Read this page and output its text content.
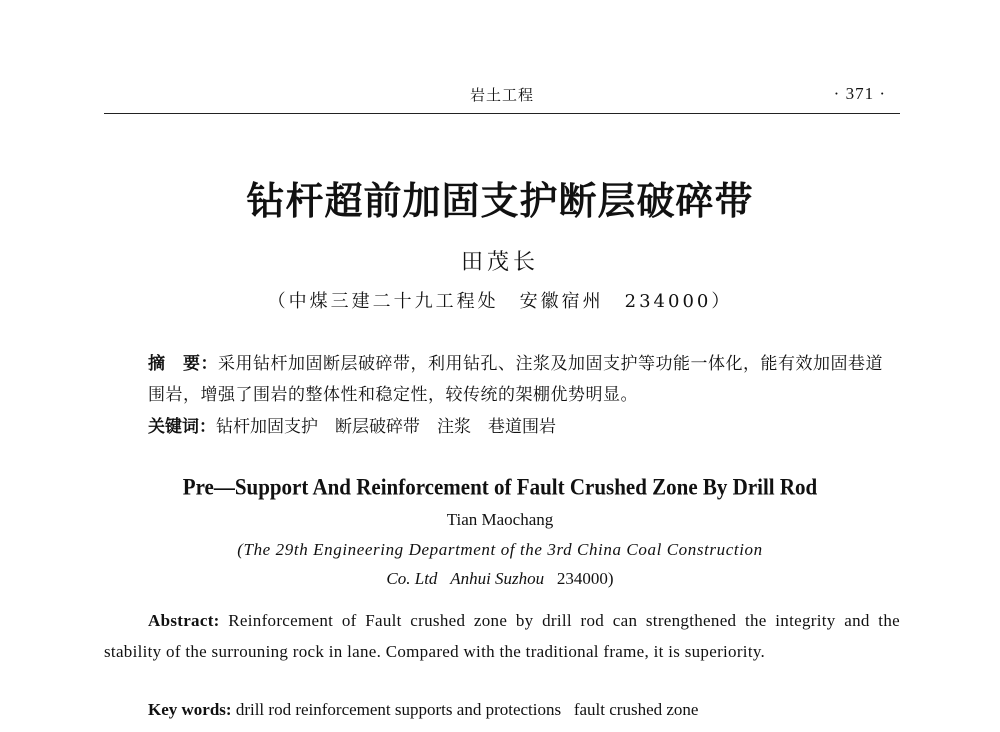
岩土工程	· 371 ·
钻杆超前加固支护断层破碎带
田茂长
（中煤三建二十九工程处　安徽宿州　234000）
摘　要：采用钻杆加固断层破碎带，利用钻孔、注浆及加固支护等功能一体化，能有效加固巷道围岩，增强了围岩的整体性和稳定性，较传统的架棚优势明显。
关键词：钻杆加固支护　断层破碎带　注浆　巷道围岩
Pre—Support And Reinforcement of Fault Crushed Zone By Drill Rod
Tian Maochang
(The 29th Engineering Department of the 3rd China Coal Construction
Co. Ltd Anhui Suzhou 234000)
Abstract: Reinforcement of Fault crushed zone by drill rod can strengthened the integrity and the stability of the surrouning rock in lane. Compared with the traditional frame, it is superiority.
Key words: drill rod reinforcement supports and protections   fault crushed zone
